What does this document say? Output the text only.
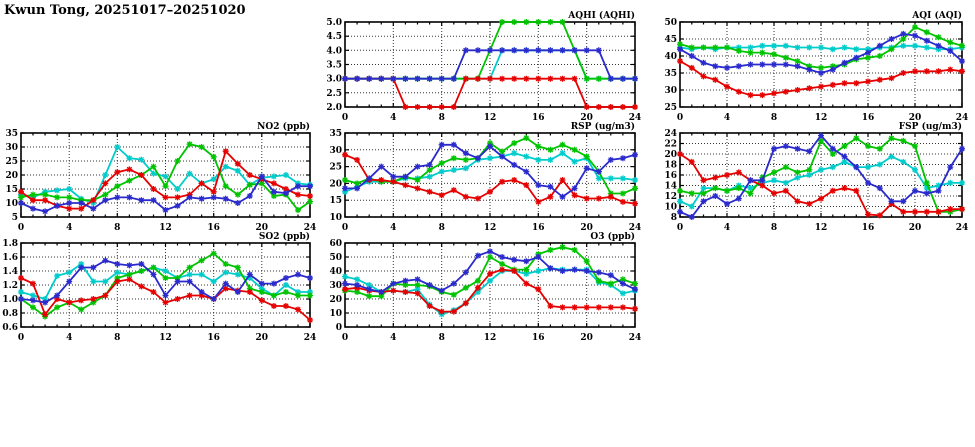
Kwun Tong, 20251017–20251020
2.0
2.5
3.0
3.5
4.0
4.5
5.0
0	4	8	12	16	20	24
AQHI (AQHI)
25
30
35
40
45
50
0	4	8	12	16	20	24
AQI (AQI)
5
10
15
20
25
30
35
0	4	8	12	16	20	24
NO2 (ppb)
10
15
20
25
30
35
0	4	8	12	16	20	24
RSP (ug/m3)
8
10
12
14
16
18
20
22
24
0	4	8	12	16	20	24
FSP (ug/m3)
0.6
0.8
1.0
1.2
1.4
1.6
1.8
0	4	8	12	16	20	24
SO2 (ppb)
0
10
20
30
40
50
60
0	4	8	12	16	20	24
O3 (ppb)
